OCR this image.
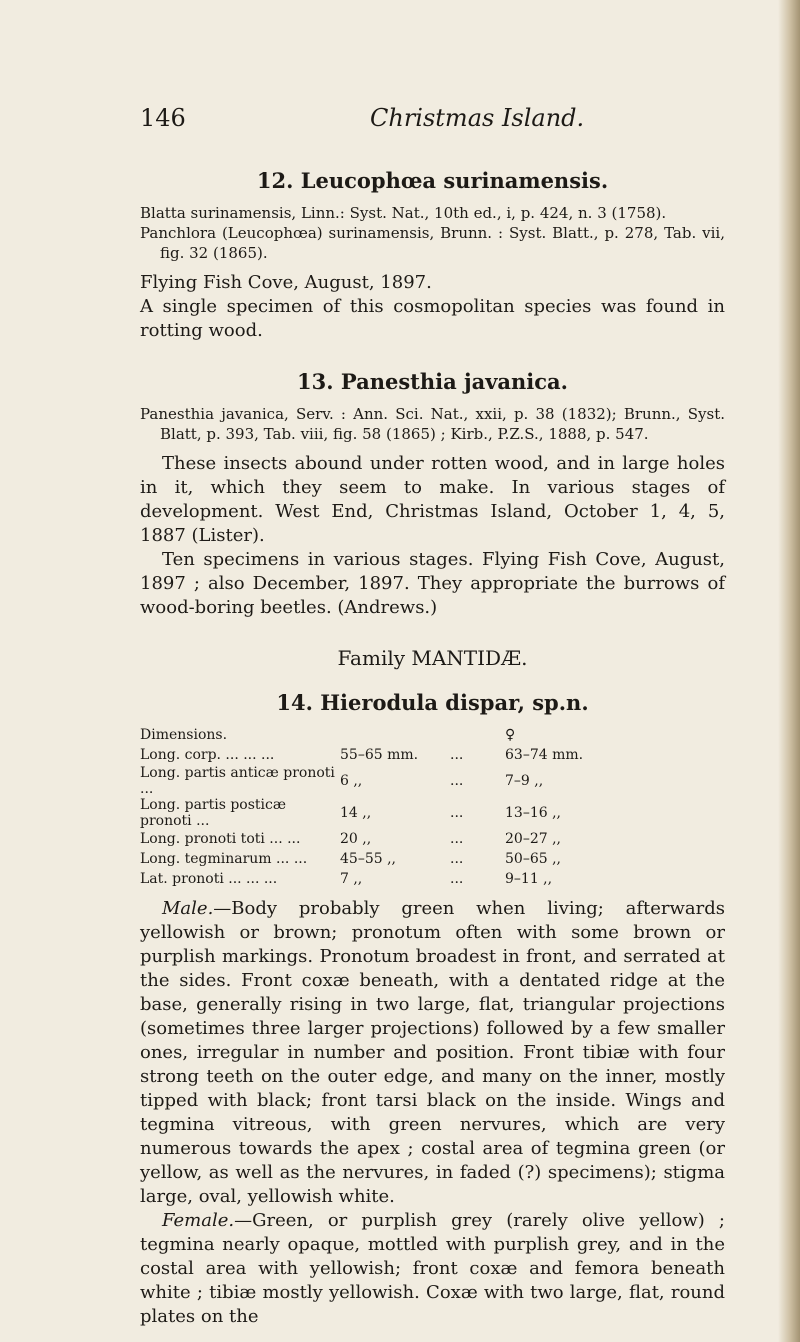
146	Christmas Island.
12. Leucophœa surinamensis.

Blatta surinamensis, Linn.: Syst. Nat., 10th ed., i, p. 424, n. 3 (1758).

Panchlora (Leucophœa) surinamensis, Brunn. : Syst. Blatt., p. 278, Tab. vii, fig. 32 (1865).

Flying Fish Cove, August, 1897.

A single specimen of this cosmopolitan species was found in rotting wood.

13. Panesthia javanica.

Panesthia javanica, Serv. : Ann. Sci. Nat., xxii, p. 38 (1832); Brunn., Syst. Blatt, p. 393, Tab. viii, fig. 58 (1865) ; Kirb., P.Z.S., 1888, p. 547.

These insects abound under rotten wood, and in large holes in it, which they seem to make. In various stages of development. West End, Christmas Island, October 1, 4, 5, 1887 (Lister).

Ten specimens in various stages. Flying Fish Cove, August, 1897 ; also December, 1897. They appropriate the burrows of wood-boring beetles. (Andrews.)

Family MANTIDÆ.

14. Hierodula dispar, sp.n.
Dimensions.			♀
Long. corp. ... ... ...	55–65 mm.	...	63–74 mm.
Long. partis anticæ pronoti ...	6 ,,	...	7–9 ,,
Long. partis posticæ pronoti ...	14 ,,	...	13–16 ,,
Long. pronoti toti ... ...	20 ,,	...	20–27 ,,
Long. tegminarum ... ...	45–55 ,,	...	50–65 ,,
Lat. pronoti ... ... ...	7 ,,	...	9–11 ,,

Male.—Body probably green when living; afterwards yellowish or brown; pronotum often with some brown or purplish markings. Pronotum broadest in front, and serrated at the sides. Front coxæ beneath, with a dentated ridge at the base, generally rising in two large, flat, triangular projections (sometimes three larger projections) followed by a few smaller ones, irregular in number and position. Front tibiæ with four strong teeth on the outer edge, and many on the inner, mostly tipped with black; front tarsi black on the inside. Wings and tegmina vitreous, with green nervures, which are very numerous towards the apex ; costal area of tegmina green (or yellow, as well as the nervures, in faded (?) specimens); stigma large, oval, yellowish white.

Female.—Green, or purplish grey (rarely olive yellow) ; tegmina nearly opaque, mottled with purplish grey, and in the costal area with yellowish; front coxæ and femora beneath white ; tibiæ mostly yellowish. Coxæ with two large, flat, round plates on the
